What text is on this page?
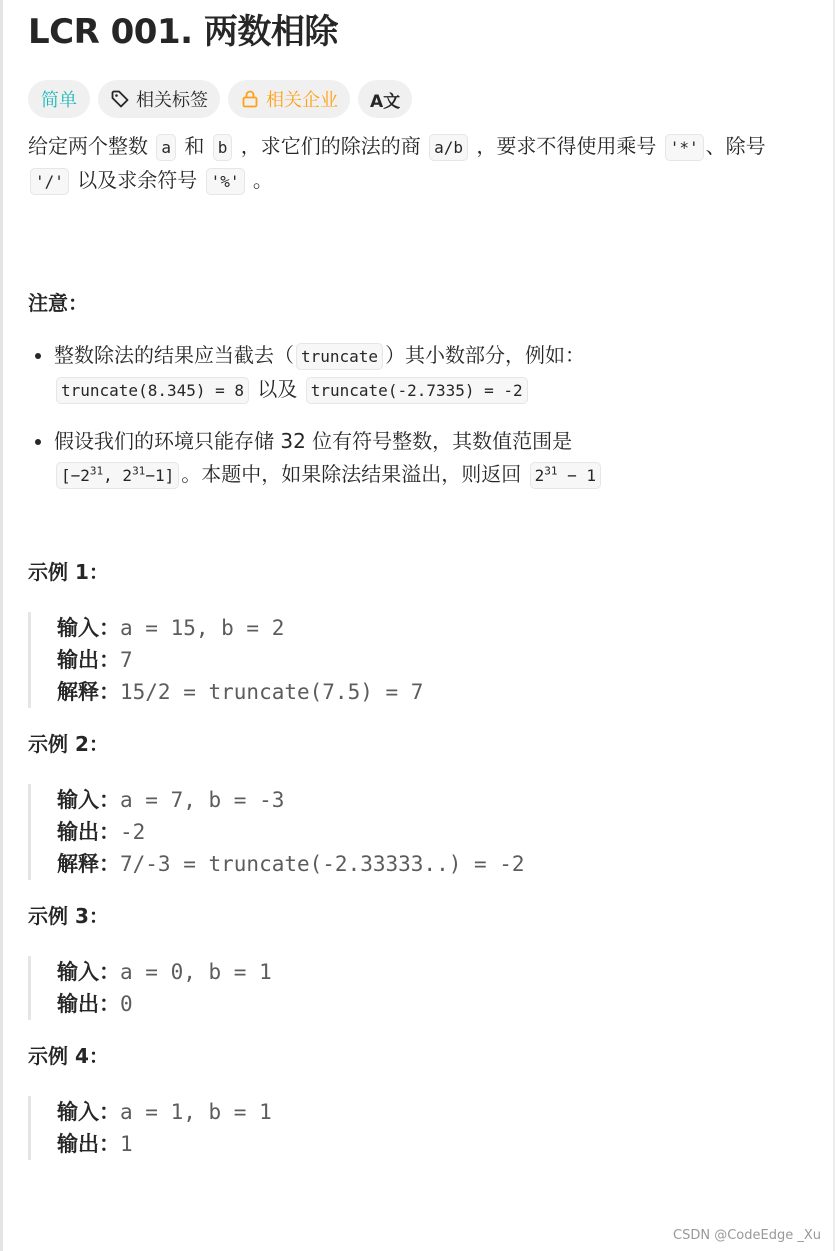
LCR 001. 两数相除
简单	相关标签	相关企业 A文

给定两个整数 a 和 b ，求它们的除法的商 a/b ，要求不得使用乘号 '*' 、除号 '/' 以及求余符号 '%' 。

注意：
• 整数除法的结果应当截去（ truncate ）其小数部分，例如：
truncate(8.345) = 8 以及 truncate(-2.7335) = -2
• 假设我们的环境只能存储 32 位有符号整数，其数值范围是
[$-2^{31}$, $2^{31}-1$] 。本题中，如果除法结果溢出，则返回 $2^{31} - 1$
示例 1：
输入：a = 15, b = 2
输出：7
解释：15/2 = truncate(7.5) = 7
示例 2：
输入：a = 7, b = -3
输出：-2
解释：7/-3 = truncate(-2.33333..) = -2
示例 3：
输入：a = 0, b = 1
输出：0
示例 4：
输入：a = 1, b = 1
输出：1
CSDN @CodeEdge _Xu
